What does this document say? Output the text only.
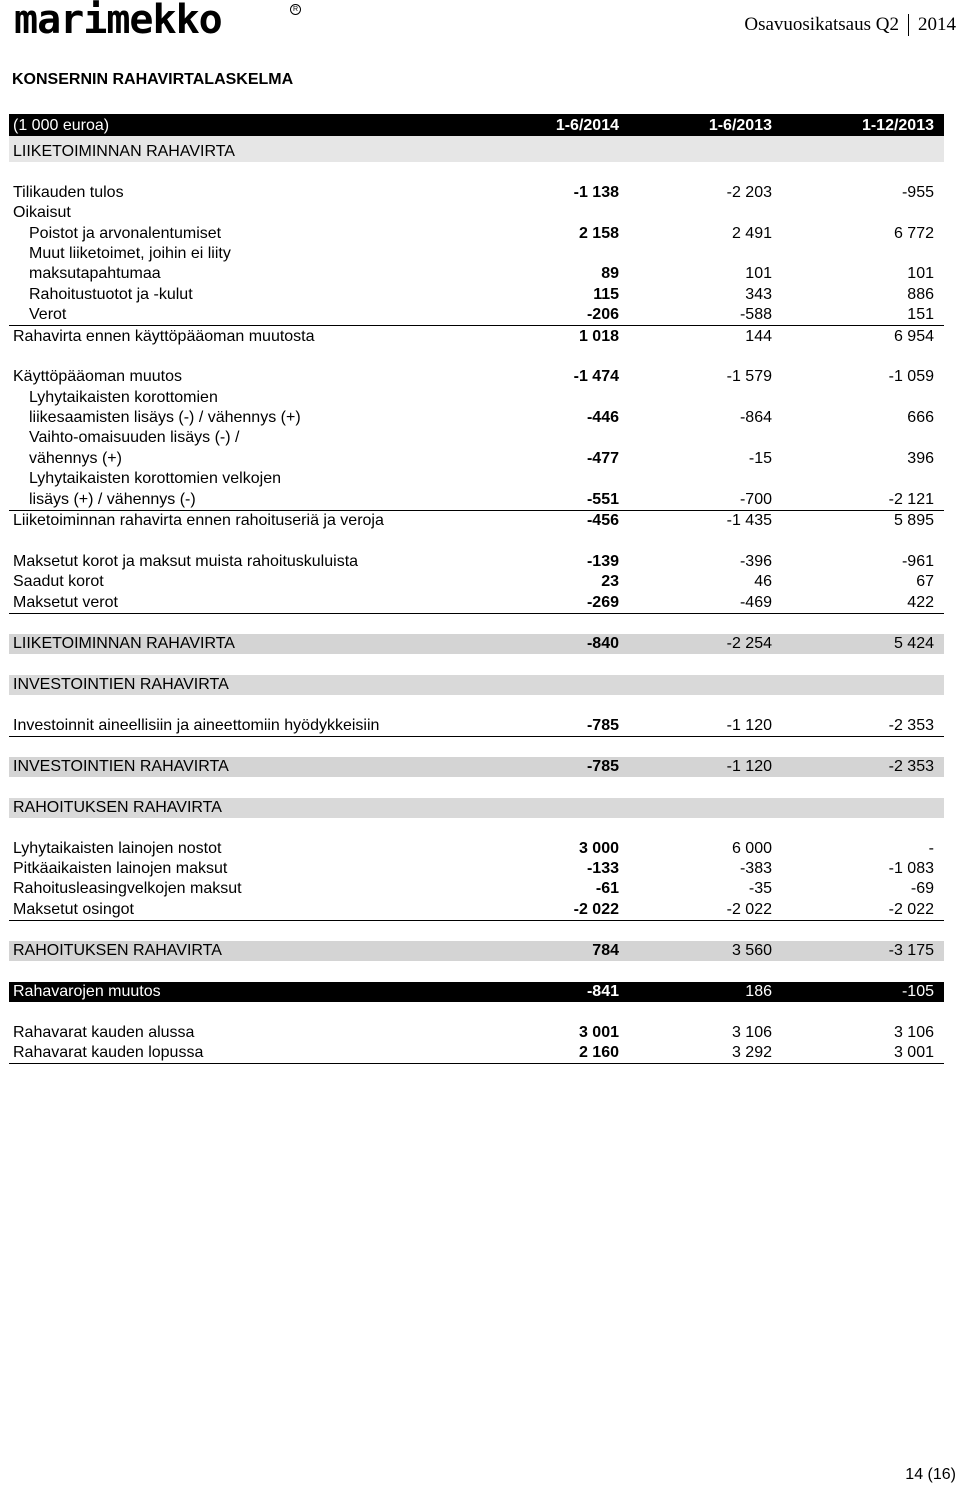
marimekko	R
Osavuosikatsaus Q2 2014
KONSERNIN RAHAVIRTALASKELMA
(1 000 euroa)	1-6/2014	1-6/2013	1-12/2013
LIIKETOIMINNAN RAHAVIRTA			

Tilikauden tulos	-1 138	-2 203	-955
Oikaisut			
Poistot ja arvonalentumiset	2 158	2 491	6 772
Muut liiketoimet, joihin ei liity			
maksutapahtumaa	89	101	101
Rahoitustuotot ja -kulut	115	343	886
Verot	-206	-588	151
Rahavirta ennen käyttöpääoman muutosta	1 018	144	6 954

Käyttöpääoman muutos	-1 474	-1 579	-1 059
Lyhytaikaisten korottomien			
liikesaamisten lisäys (-) / vähennys (+)	-446	-864	666
Vaihto-omaisuuden lisäys (-) /			
vähennys (+)	-477	-15	396
Lyhytaikaisten korottomien velkojen			
lisäys (+) / vähennys (-)	-551	-700	-2 121
Liiketoiminnan rahavirta ennen rahoituseriä ja veroja	-456	-1 435	5 895

Maksetut korot ja maksut muista rahoituskuluista	-139	-396	-961
Saadut korot	23	46	67
Maksetut verot	-269	-469	422

LIIKETOIMINNAN RAHAVIRTA	-840	-2 254	5 424

INVESTOINTIEN RAHAVIRTA			

Investoinnit aineellisiin ja aineettomiin hyödykkeisiin	-785	-1 120	-2 353

INVESTOINTIEN RAHAVIRTA	-785	-1 120	-2 353

RAHOITUKSEN RAHAVIRTA			

Lyhytaikaisten lainojen nostot	3 000	6 000	-
Pitkäaikaisten lainojen maksut	-133	-383	-1 083
Rahoitusleasingvelkojen maksut	-61	-35	-69
Maksetut osingot	-2 022	-2 022	-2 022

RAHOITUKSEN RAHAVIRTA	784	3 560	-3 175

Rahavarojen muutos	-841	186	-105

Rahavarat kauden alussa	3 001	3 106	3 106
Rahavarat kauden lopussa	2 160	3 292	3 001
14 (16)
